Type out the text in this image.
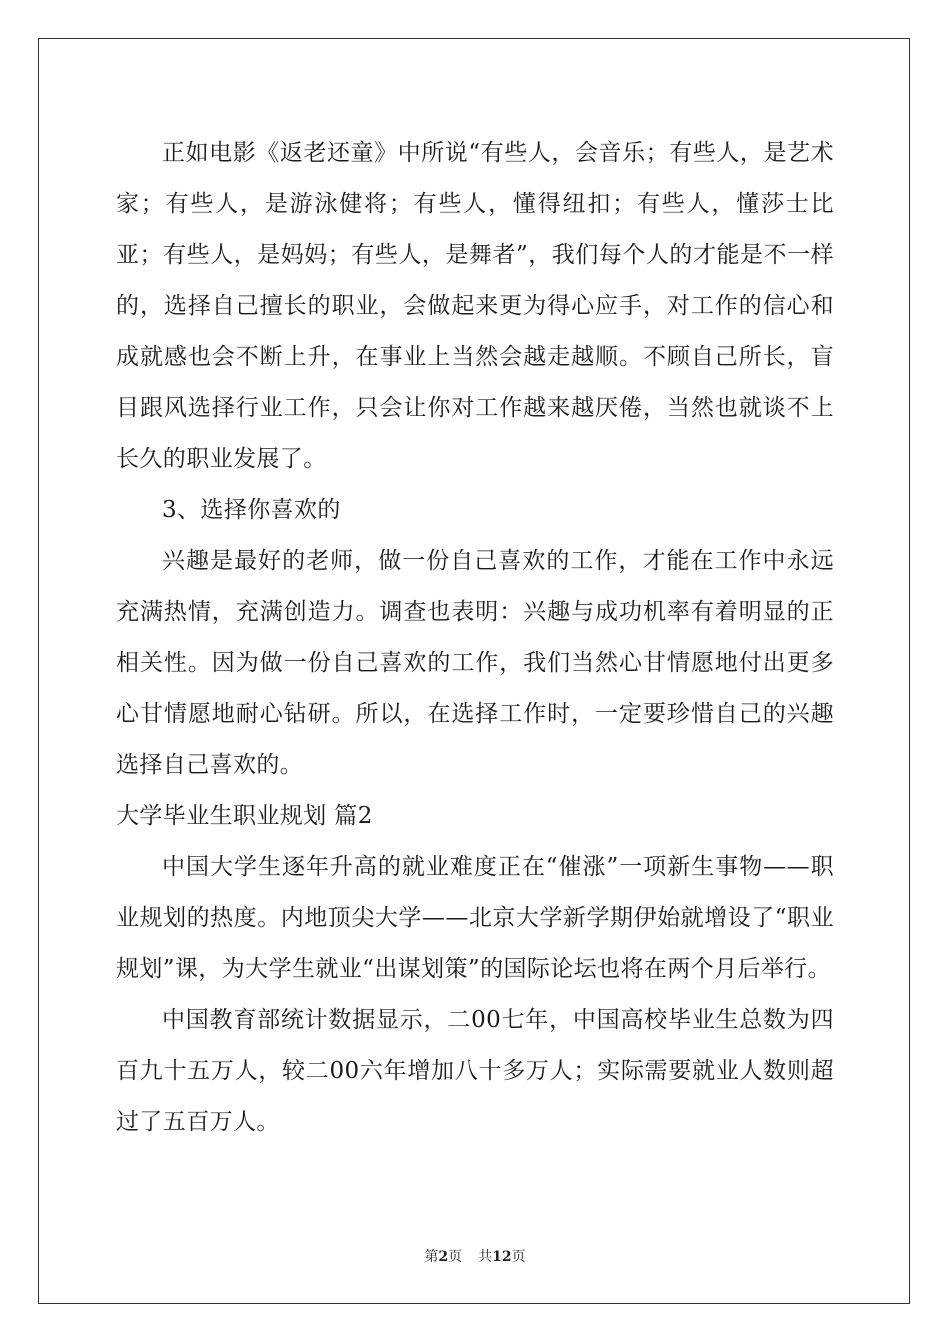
正如电影《返老还童》中所说“有些人，会音乐；有些人，是艺术家；有些人，是游泳健将；有些人，懂得纽扣；有些人，懂莎士比亚；有些人，是妈妈；有些人，是舞者”，我们每个人的才能是不一样的，选择自己擅长的职业，会做起来更为得心应手，对工作的信心和成就感也会不断上升，在事业上当然会越走越顺。不顾自己所长，盲目跟风选择行业工作，只会让你对工作越来越厌倦，当然也就谈不上长久的职业发展了。

3、选择你喜欢的

兴趣是最好的老师，做一份自己喜欢的工作，才能在工作中永远充满热情，充满创造力。调查也表明：兴趣与成功机率有着明显的正相关性。因为做一份自己喜欢的工作，我们当然心甘情愿地付出更多心甘情愿地耐心钻研。所以，在选择工作时，一定要珍惜自己的兴趣选择自己喜欢的。

大学毕业生职业规划 篇2

中国大学生逐年升高的就业难度正在“催涨”一项新生事物——职业规划的热度。内地顶尖大学——北京大学新学期伊始就增设了“职业规划”课，为大学生就业“出谋划策”的国际论坛也将在两个月后举行。

中国教育部统计数据显示，二00七年，中国高校毕业生总数为四百九十五万人，较二00六年增加八十多万人；实际需要就业人数则超过了五百万人。

第2页 共12页
